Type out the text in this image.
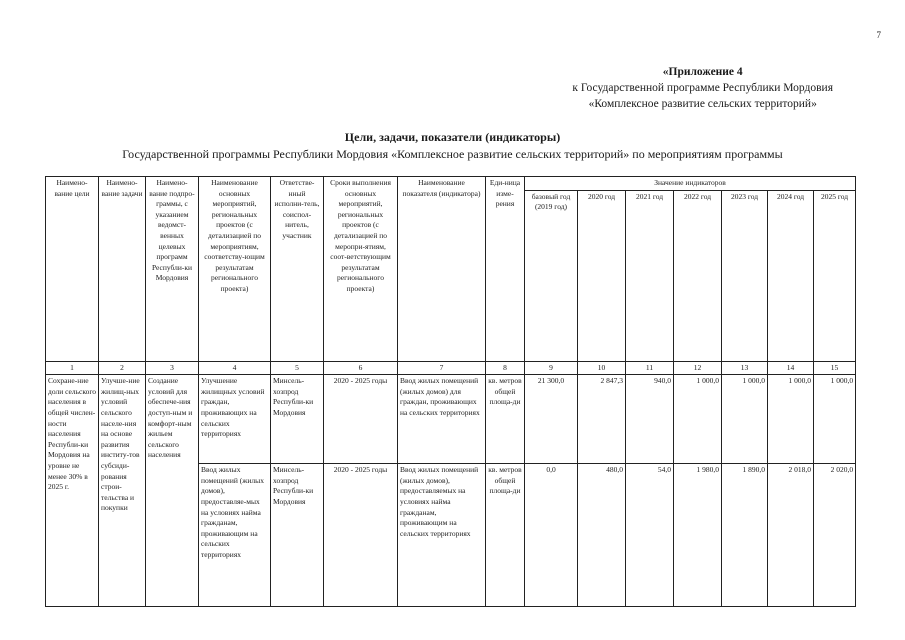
7
«Приложение 4
к Государственной программе Республики Мордовия
«Комплексное развитие сельских территорий»
Цели, задачи, показатели (индикаторы)
Государственной программы Республики Мордовия «Комплексное развитие сельских территорий» по мероприятиям программы
Наимено-вание цели	Наимено-вание задачи	Наимено-вание подпро-граммы, с указанием ведомст-венных целевых программ Республи-ки Мордовия	Наименование основных мероприятий, региональных проектов (с детализацией по мероприятиям, соответству-ющим результатам регионального проекта)	Ответстве-нный исполни-тель, соиспол-нитель, участник	Сроки выполнения основных мероприятий, региональных проектов (с детализацией по меропри-ятиям, соот-ветствующим результатам регионального проекта)	Наименование показателя (индикатора)	Еди-ница изме-рения	Значение индикаторов						
								базовый год (2019 год)	2020 год	2021 год	2022 год	2023 год	2024 год	2025 год
1	2	3	4	5	6	7	8	9	10	11	12	13	14	15
Сохране-ние доли сельского населения в общей числен-ности населения Республи-ки Мордовия на уровне не менее 30% в 2025 г.	Улучше-ние жилищ-ных условий сельского населе-ния на основе развития институ-тов субсиди-рования строи-тельства и покупки	Создание условий для обеспече-ния доступ-ным и комфорт-ным жильем сельского населения	Улучшение жилищных условий граждан, проживающих на сельских территориях	Минсель-хозпрод Республи-ки Мордовия	2020 - 2025 годы	Ввод жилых помещений (жилых домов) для граждан, проживающих на сельских территориях	кв. метров общей площа-ди	21 300,0	2 847,3	940,0	1 000,0	1 000,0	1 000,0	1 000,0
			Ввод жилых помещений (жилых домов), предоставляе-мых на условиях найма гражданам, проживающим на сельских территориях	Минсель-хозпрод Республи-ки Мордовия	2020 - 2025 годы	Ввод жилых помещений (жилых домов), предоставляемых на условиях найма гражданам, проживающим на сельских территориях	кв. метров общей площа-ди	0,0	480,0	54,0	1 980,0	1 890,0	2 018,0	2 020,0
